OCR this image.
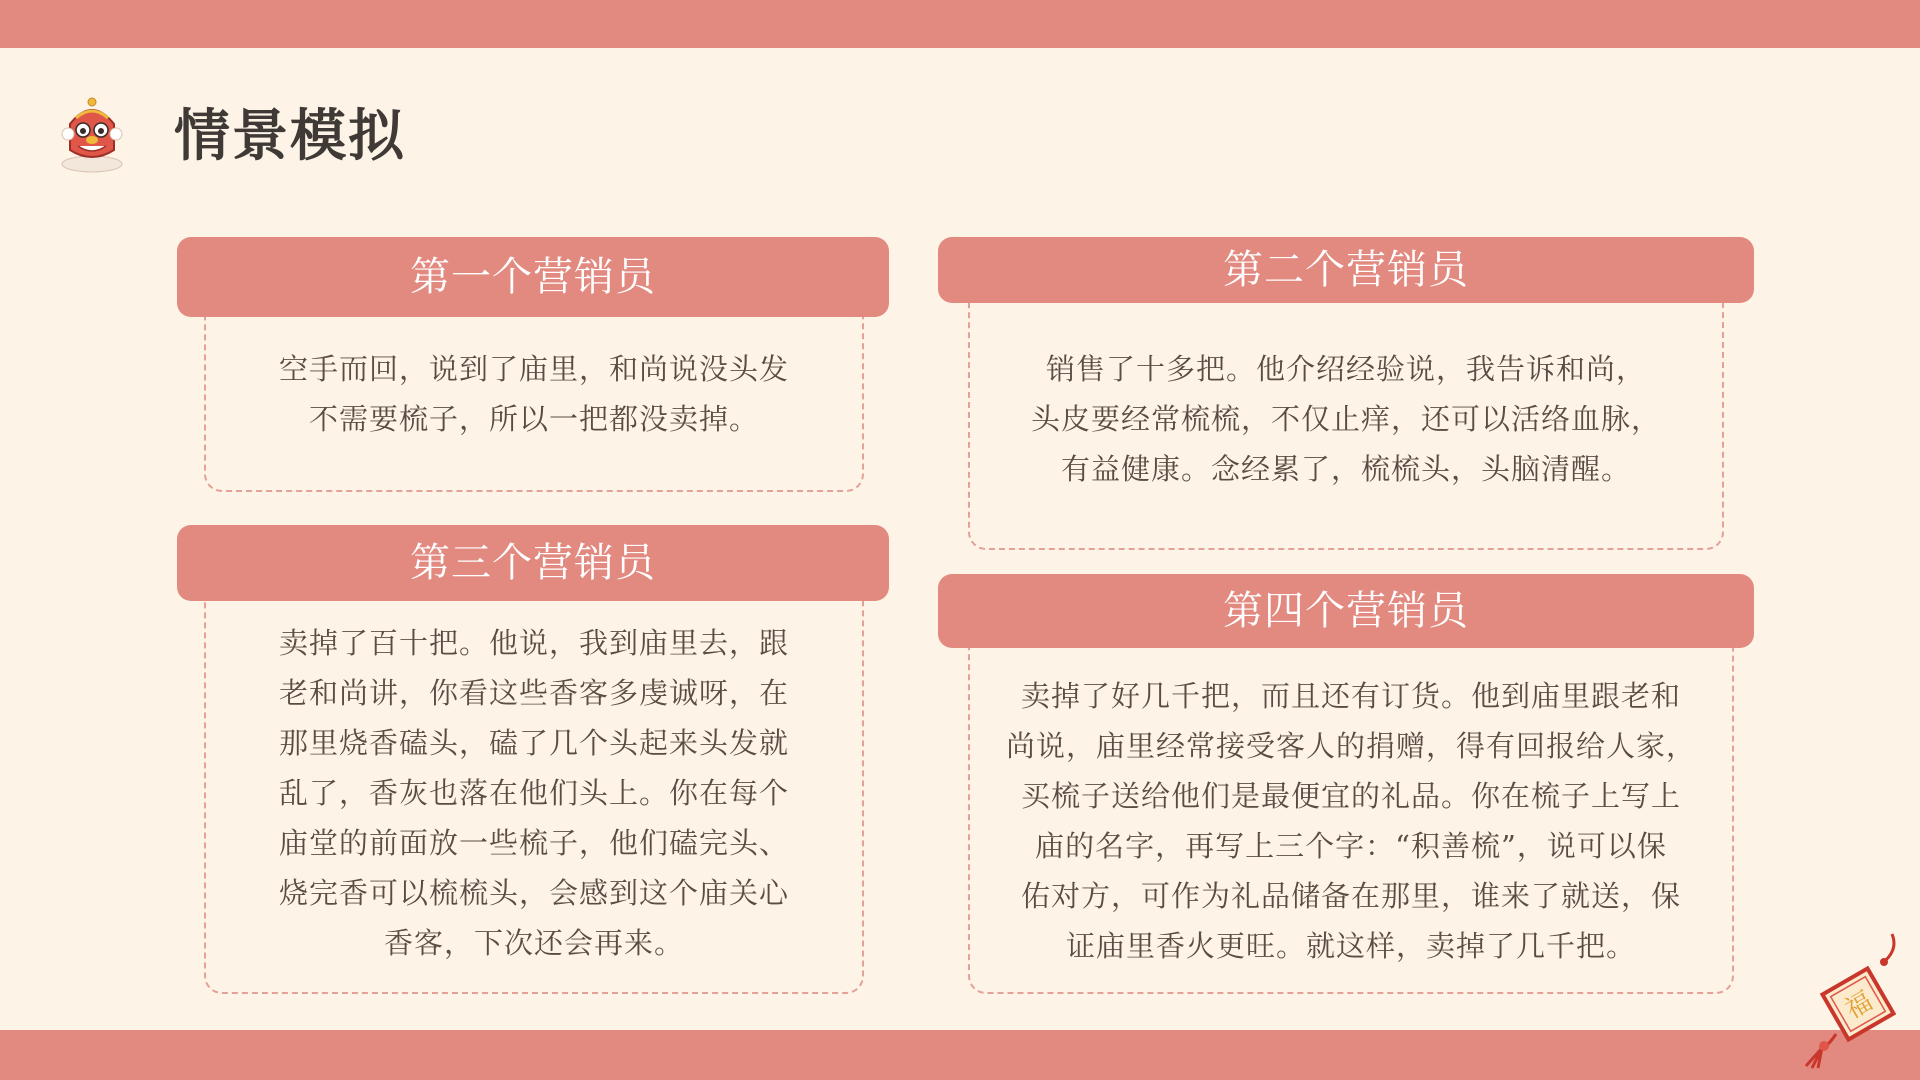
情景模拟
第一个营销员
空手而回，说到了庙里，和尚说没头发
不需要梳子，所以一把都没卖掉。
第二个营销员
销售了十多把。他介绍经验说，我告诉和尚，
头皮要经常梳梳，不仅止痒，还可以活络血脉，
有益健康。念经累了，梳梳头，头脑清醒。
第三个营销员
卖掉了百十把。他说，我到庙里去，跟
老和尚讲，你看这些香客多虔诚呀，在
那里烧香磕头，磕了几个头起来头发就
乱了，香灰也落在他们头上。你在每个
庙堂的前面放一些梳子，他们磕完头、
烧完香可以梳梳头，会感到这个庙关心
香客，下次还会再来。
第四个营销员
卖掉了好几千把，而且还有订货。他到庙里跟老和
尚说，庙里经常接受客人的捐赠，得有回报给人家，
买梳子送给他们是最便宜的礼品。你在梳子上写上
庙的名字，再写上三个字：“积善梳”，说可以保
佑对方，可作为礼品储备在那里，谁来了就送，保
证庙里香火更旺。就这样，卖掉了几千把。
福
